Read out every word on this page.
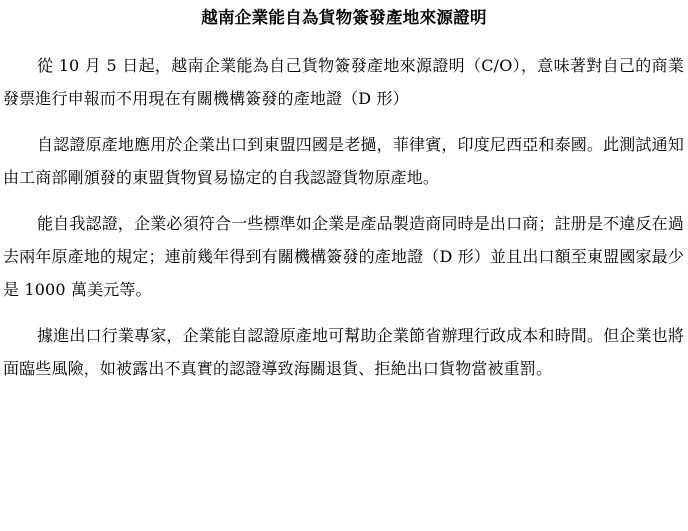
越南企業能自為貨物簽發產地來源證明

從 10 月 5 日起，越南企業能為自己貨物簽發產地來源證明（C/O），意味著對自己的商業發票進行申報而不用現在有關機構簽發的產地證（D 形）

自認證原產地應用於企業出口到東盟四國是老撾，菲律賓，印度尼西亞和泰國。此測試通知由工商部剛頒發的東盟貨物貿易協定的自我認證貨物原產地。

能自我認證，企業必須符合一些標準如企業是產品製造商同時是出口商；註册是不違反在過去兩年原產地的規定；連前幾年得到有關機構簽發的產地證（D 形）並且出口額至東盟國家最少是 1000 萬美元等。

據進出口行業專家，企業能自認證原產地可幫助企業節省辦理行政成本和時間。但企業也將面臨些風險，如被露出不真實的認證導致海關退貨、拒絶出口貨物當被重罰。
